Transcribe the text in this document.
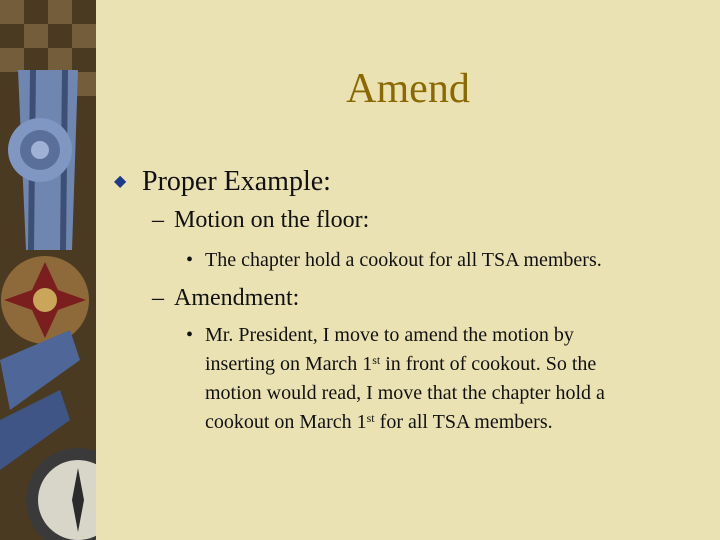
Amend
◆ Proper Example:
– Motion on the floor:
• The chapter hold a cookout for all TSA members.
– Amendment:
• Mr. President, I move to amend the motion by
inserting on March 1st in front of cookout. So the
motion would read, I move that the chapter hold a
cookout on March 1st for all TSA members.
